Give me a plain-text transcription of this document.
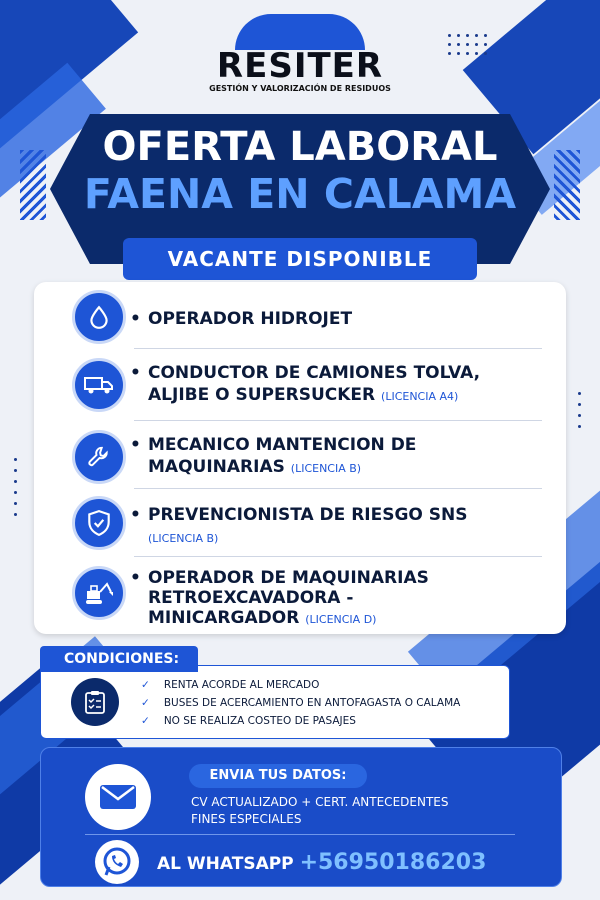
RESITER
GESTIÓN Y VALORIZACIÓN DE RESIDUOS
OFERTA LABORAL
FAENA EN CALAMA
VACANTE DISPONIBLE
• OPERADOR HIDROJET
• CONDUCTOR DE CAMIONES TOLVA,
ALJIBE O SUPERSUCKER (LICENCIA A4)
• MECANICO MANTENCION DE
MAQUINARIAS (LICENCIA B)
• PREVENCIONISTA DE RIESGO SNS
(LICENCIA B)
• OPERADOR DE MAQUINARIAS
RETROEXCAVADORA -
MINICARGADOR (LICENCIA D)
✓ RENTA ACORDE AL MERCADO
✓ BUSES DE ACERCAMIENTO EN ANTOFAGASTA O CALAMA
✓ NO SE REALIZA COSTEO DE PASAJES
CONDICIONES:
ENVIA TUS DATOS:
CV ACTUALIZADO + CERT. ANTECEDENTES
FINES ESPECIALES
AL WHATSAPP +56950186203
